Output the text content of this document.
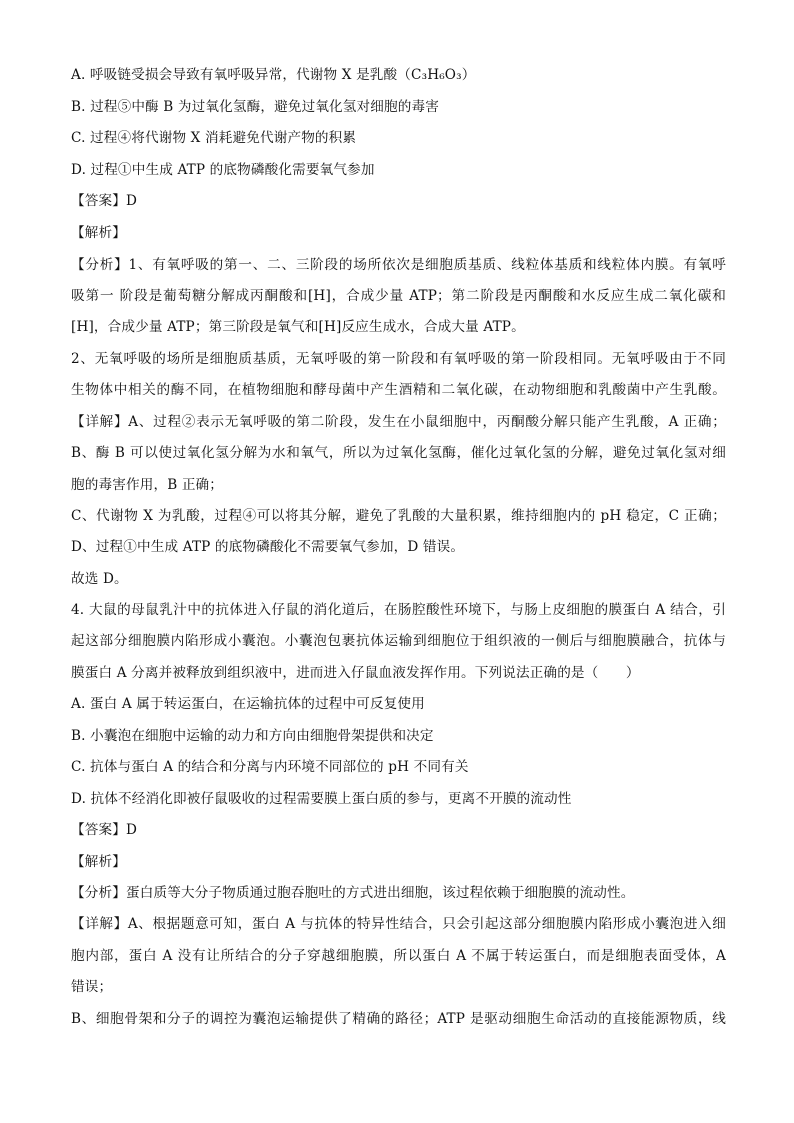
A. 呼吸链受损会导致有氧呼吸异常，代谢物 X 是乳酸（C₃H₆O₃）
B. 过程⑤中酶 B 为过氧化氢酶，避免过氧化氢对细胞的毒害
C. 过程④将代谢物 X 消耗避免代谢产物的积累
D. 过程①中生成 ATP 的底物磷酸化需要氧气参加
【答案】D
【解析】
【分析】1、有氧呼吸的第一、二、三阶段的场所依次是细胞质基质、线粒体基质和线粒体内膜。有氧呼
吸第一 阶段是葡萄糖分解成丙酮酸和[H]，合成少量 ATP；第二阶段是丙酮酸和水反应生成二氧化碳和
[H]，合成少量 ATP；第三阶段是氧气和[H]反应生成水，合成大量 ATP。
2、无氧呼吸的场所是细胞质基质，无氧呼吸的第一阶段和有氧呼吸的第一阶段相同。无氧呼吸由于不同
生物体中相关的酶不同，在植物细胞和酵母菌中产生酒精和二氧化碳，在动物细胞和乳酸菌中产生乳酸。
【详解】A、过程②表示无氧呼吸的第二阶段，发生在小鼠细胞中，丙酮酸分解只能产生乳酸，A 正确；
B、酶 B 可以使过氧化氢分解为水和氧气，所以为过氧化氢酶，催化过氧化氢的分解，避免过氧化氢对细
胞的毒害作用，B 正确；
C、代谢物 X 为乳酸，过程④可以将其分解，避免了乳酸的大量积累，维持细胞内的 pH 稳定，C 正确；
D、过程①中生成 ATP 的底物磷酸化不需要氧气参加，D 错误。
故选 D。
4. 大鼠的母鼠乳汁中的抗体进入仔鼠的消化道后，在肠腔酸性环境下，与肠上皮细胞的膜蛋白 A 结合，引
起这部分细胞膜内陷形成小囊泡。小囊泡包裹抗体运输到细胞位于组织液的一侧后与细胞膜融合，抗体与
膜蛋白 A 分离并被释放到组织液中，进而进入仔鼠血液发挥作用。下列说法正确的是（　　）
A. 蛋白 A 属于转运蛋白，在运输抗体的过程中可反复使用
B. 小囊泡在细胞中运输的动力和方向由细胞骨架提供和决定
C. 抗体与蛋白 A 的结合和分离与内环境不同部位的 pH 不同有关
D. 抗体不经消化即被仔鼠吸收的过程需要膜上蛋白质的参与，更离不开膜的流动性
【答案】D
【解析】
【分析】蛋白质等大分子物质通过胞吞胞吐的方式进出细胞，该过程依赖于细胞膜的流动性。
【详解】A、根据题意可知，蛋白 A 与抗体的特异性结合，只会引起这部分细胞膜内陷形成小囊泡进入细
胞内部，蛋白 A 没有让所结合的分子穿越细胞膜，所以蛋白 A 不属于转运蛋白，而是细胞表面受体，A
错误；
B、细胞骨架和分子的调控为囊泡运输提供了精确的路径；ATP 是驱动细胞生命活动的直接能源物质，线
